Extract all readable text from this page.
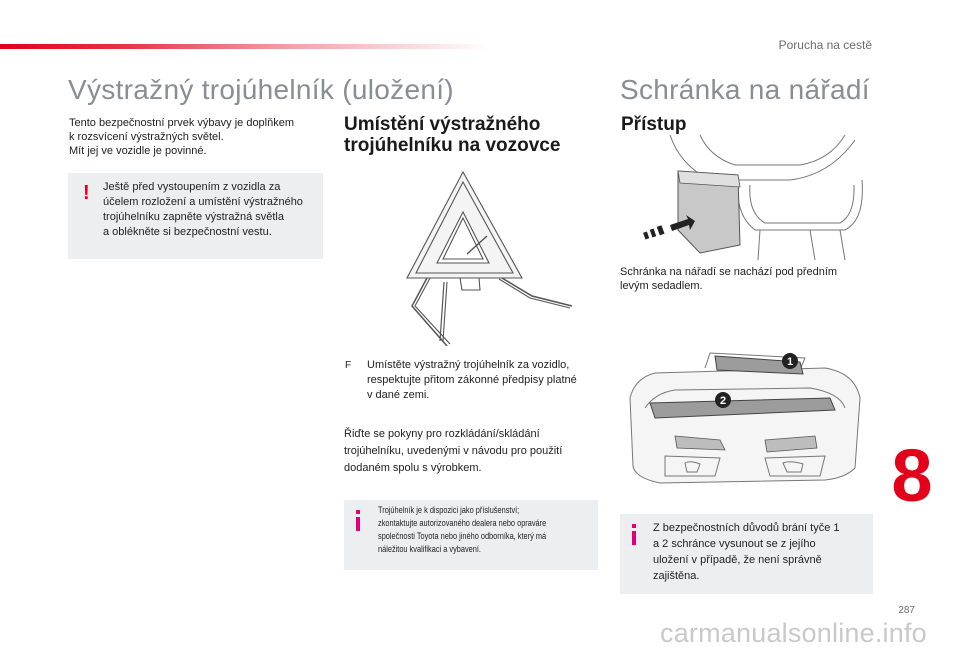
Porucha na cestě
Výstražný trojúhelník (uložení)

Tento bezpečnostní prvek výbavy je doplňkem

k rozsvícení výstražných světel.

Mít jej ve vozidle je povinné.

! Ještě před vystoupením z vozidla za

účelem rozložení a umístění výstražného

trojúhelníku zapněte výstražná světla

a oblékněte si bezpečnostní vestu.

Umístění výstražného
trojúhelníku na vozovce
F Umístěte výstražný trojúhelník za vozidlo,

respektujte přitom zákonné předpisy platné

v dané zemi.

Řiďte se pokyny pro rozkládání/skládání

trojúhelníku, uvedenými v návodu pro použití

dodaném spolu s výrobkem.

Trojúhelník je k dispozici jako příslušenství;

zkontaktujte autorizovaného dealera nebo opravárе

společnosti Toyota nebo jiného odborníka, který má

náležitou kvalifikaci a vybavení.

Schránka na nářadí
Přístup

Schránka na nářadí se nachází pod předním

levým sedadlem.

1
2

Z bezpečnostních důvodů brání tyče 1

a 2 schránce vysunout se z jejího

uložení v případě, že není správně

zajištěna.

8
287
carmanualsonline.info
